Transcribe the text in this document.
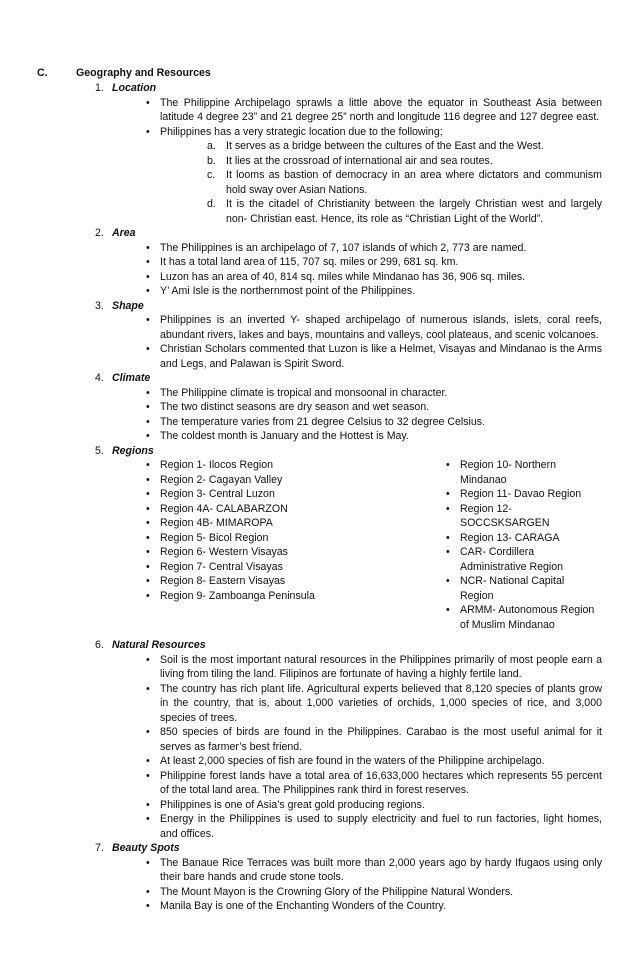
C.	Geography and Resources
1. Location
• The Philippine Archipelago sprawls a little above the equator in Southeast Asia between latitude 4 degree 23” and 21 degree 25” north and longitude 116 degree and 127 degree east.
• Philippines has a very strategic location due to the following;
a. It serves as a bridge between the cultures of the East and the West.
b. It lies at the crossroad of international air and sea routes.
c. It looms as bastion of democracy in an area where dictators and communism hold sway over Asian Nations.
d. It is the citadel of Christianity between the largely Christian west and largely non- Christian east. Hence, its role as “Christian Light of the World”.
2. Area
• The Philippines is an archipelago of 7, 107 islands of which 2, 773 are named.
• It has a total land area of 115, 707 sq. miles or 299, 681 sq. km.
• Luzon has an area of 40, 814 sq. miles while Mindanao has 36, 906 sq. miles.
• Y’ Ami Isle is the northernmost point of the Philippines.
3. Shape
• Philippines is an inverted Y- shaped archipelago of numerous islands, islets, coral reefs, abundant rivers, lakes and bays, mountains and valleys, cool plateaus, and scenic volcanoes.
• Christian Scholars commented that Luzon is like a Helmet, Visayas and Mindanao is the Arms and Legs, and Palawan is Spirit Sword.
4. Climate
• The Philippine climate is tropical and monsoonal in character.
• The two distinct seasons are dry season and wet season.
• The temperature varies from 21 degree Celsius to 32 degree Celsius.
• The coldest month is January and the Hottest is May.
5. Regions
• Region 1- Ilocos Region
• Region 2- Cagayan Valley
• Region 3- Central Luzon
• Region 4A- CALABARZON
• Region 4B- MIMAROPA
• Region 5- Bicol Region
• Region 6- Western Visayas
• Region 7- Central Visayas
• Region 8- Eastern Visayas
• Region 9- Zamboanga Peninsula
• Region 10- Northern Mindanao
• Region 11- Davao Region
• Region 12- SOCCSKSARGEN
• Region 13- CARAGA
• CAR- Cordillera Administrative Region
• NCR- National Capital Region
• ARMM- Autonomous Region of Muslim Mindanao
6. Natural Resources
• Soil is the most important natural resources in the Philippines primarily of most people earn a living from tiling the land. Filipinos are fortunate of having a highly fertile land.
• The country has rich plant life. Agricultural experts believed that 8,120 species of plants grow in the country, that is, about 1,000 varieties of orchids, 1,000 species of rice, and 3,000 species of trees.
• 850 species of birds are found in the Philippines. Carabao is the most useful animal for it serves as farmer’s best friend.
• At least 2,000 species of fish are found in the waters of the Philippine archipelago.
• Philippine forest lands have a total area of 16,633,000 hectares which represents 55 percent of the total land area. The Philippines rank third in forest reserves.
• Philippines is one of Asia’s great gold producing regions.
• Energy in the Philippines is used to supply electricity and fuel to run factories, light homes, and offices.
7. Beauty Spots
• The Banaue Rice Terraces was built more than 2,000 years ago by hardy Ifugaos using only their bare hands and crude stone tools.
• The Mount Mayon is the Crowning Glory of the Philippine Natural Wonders.
• Manila Bay is one of the Enchanting Wonders of the Country.
